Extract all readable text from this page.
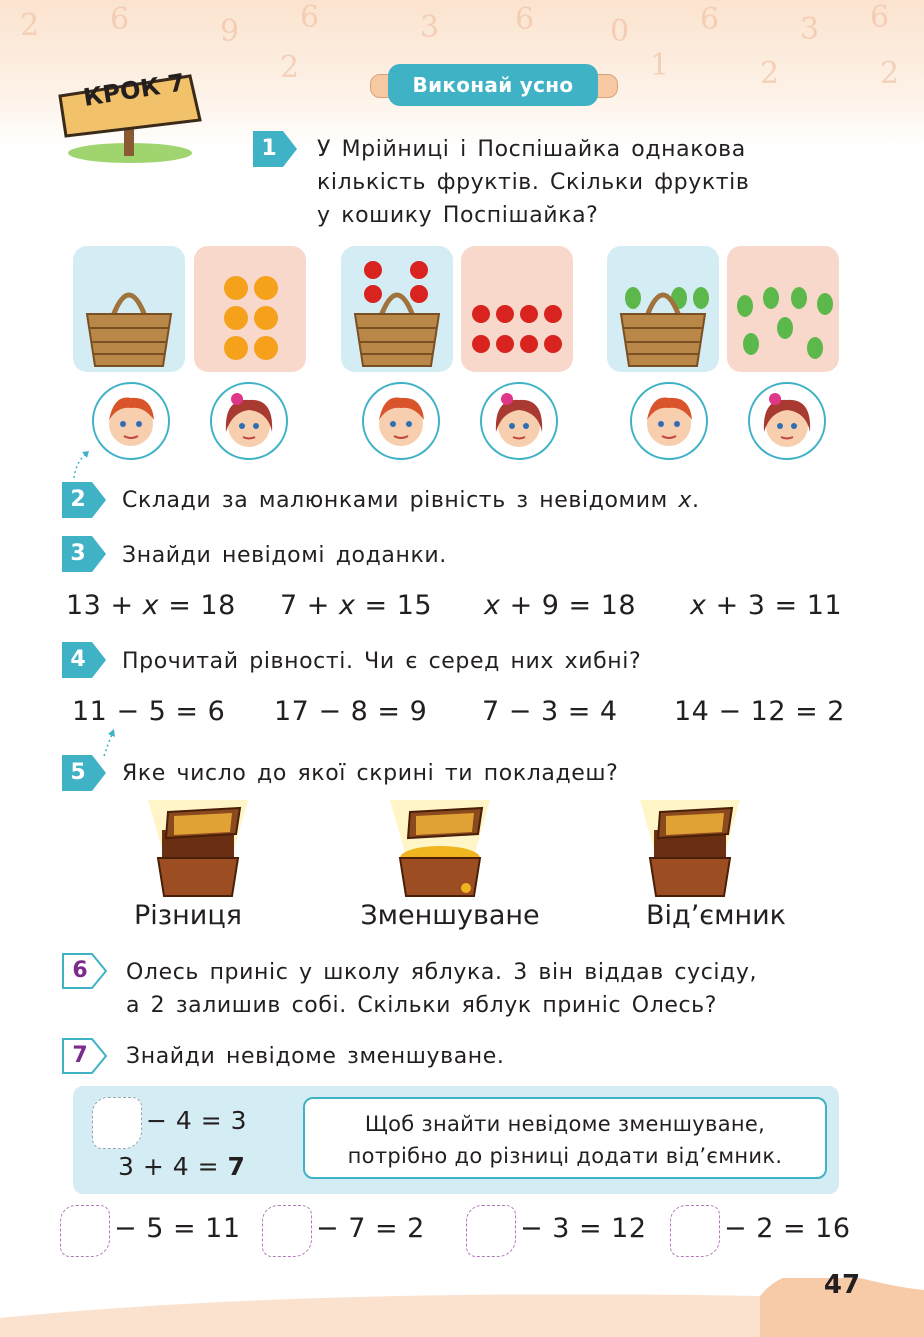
2 6	9 6	3	6	0 6	3 6
2	1	2	2
КРОК 7	Виконай усно
1	У Мрійниці і Поспішайка однакова
кількість фруктів. Скільки фруктів
у кошику Поспішайка?
2	Склади за малюнками рівність з невідомим x.
3	Знайди невідомі доданки.
13 + x = 18 7 + x = 15 x + 9 = 18 x + 3 = 11
4	Прочитай рівності. Чи є серед них хибні?
11 − 5 = 6 17 − 8 = 9 7 − 3 = 4 14 − 12 = 2
5	Яке число до якої скрині ти покладеш?
Різниця	Зменшуване	Від’ємник
6	Олесь приніс у школу яблука. 3 він віддав сусіду,
а 2 залишив собі. Скільки яблук приніс Олесь?
7	Знайди невідоме зменшуване.
− 4 = 3
3 + 4 = 7
Щоб знайти невідоме зменшуване,
потрібно до різниці додати від’ємник.
− 5 = 11	− 7 = 2	− 3 = 12	− 2 = 16
47
